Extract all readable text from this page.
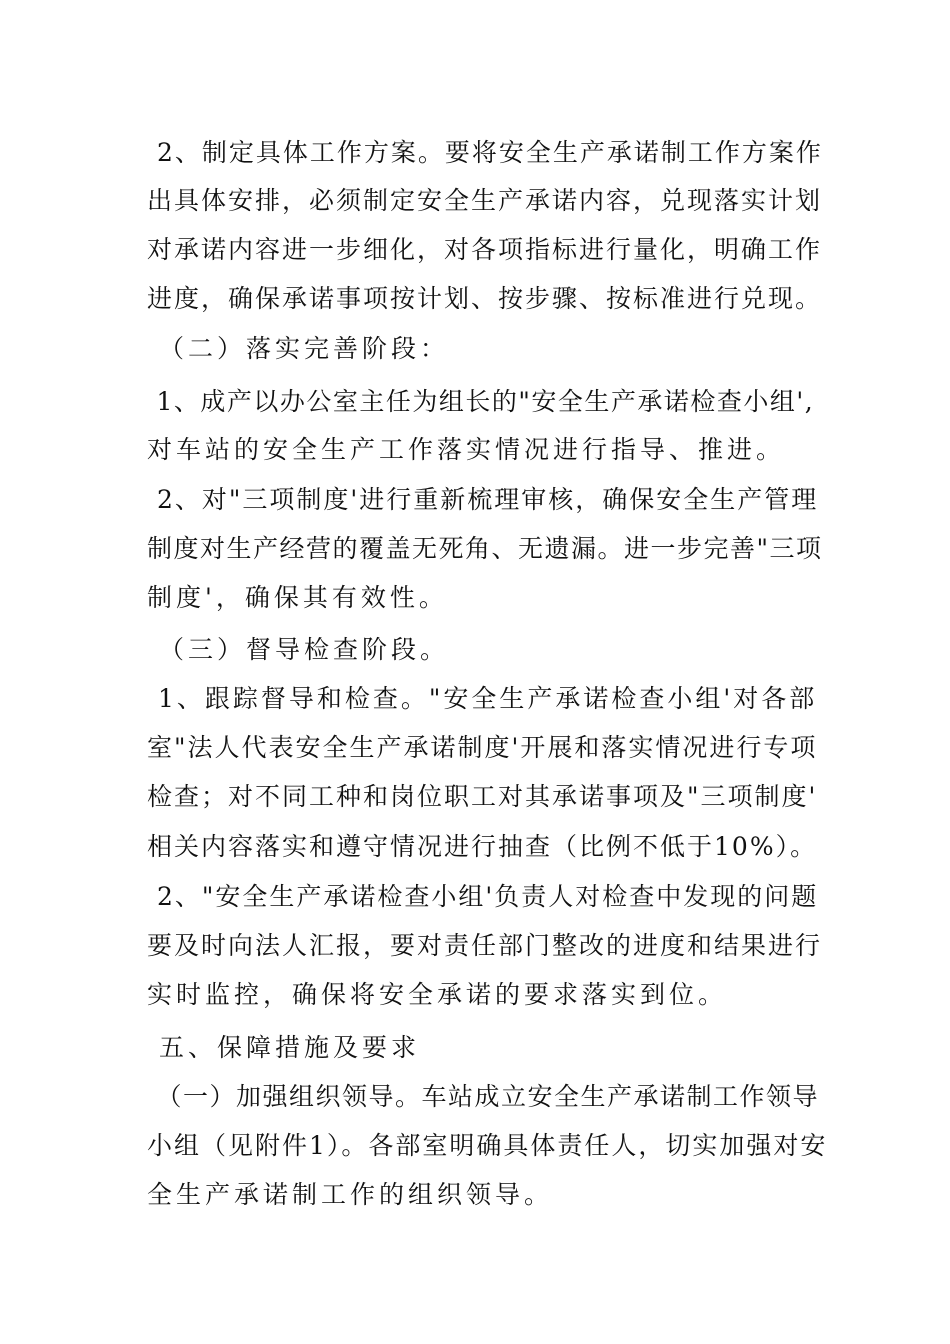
2、制定具体工作方案。要将安全生产承诺制工作方案作
出具体安排，必须制定安全生产承诺内容，兑现落实计划
对承诺内容进一步细化，对各项指标进行量化，明确工作
进度，确保承诺事项按计划、按步骤、按标准进行兑现。
（二）落实完善阶段：
1、成产以办公室主任为组长的"安全生产承诺检查小组',
对车站的安全生产工作落实情况进行指导、推进。
2、对"三项制度'进行重新梳理审核，确保安全生产管理
制度对生产经营的覆盖无死角、无遗漏。进一步完善"三项
制度'，确保其有效性。
（三）督导检查阶段。
1、跟踪督导和检查。"安全生产承诺检查小组'对各部
室"法人代表安全生产承诺制度'开展和落实情况进行专项
检查；对不同工种和岗位职工对其承诺事项及"三项制度'
相关内容落实和遵守情况进行抽查（比例不低于10%）。
2、"安全生产承诺检查小组'负责人对检查中发现的问题
要及时向法人汇报，要对责任部门整改的进度和结果进行
实时监控，确保将安全承诺的要求落实到位。
五、保障措施及要求
（一）加强组织领导。车站成立安全生产承诺制工作领导
小组（见附件1）。各部室明确具体责任人，切实加强对安
全生产承诺制工作的组织领导。
